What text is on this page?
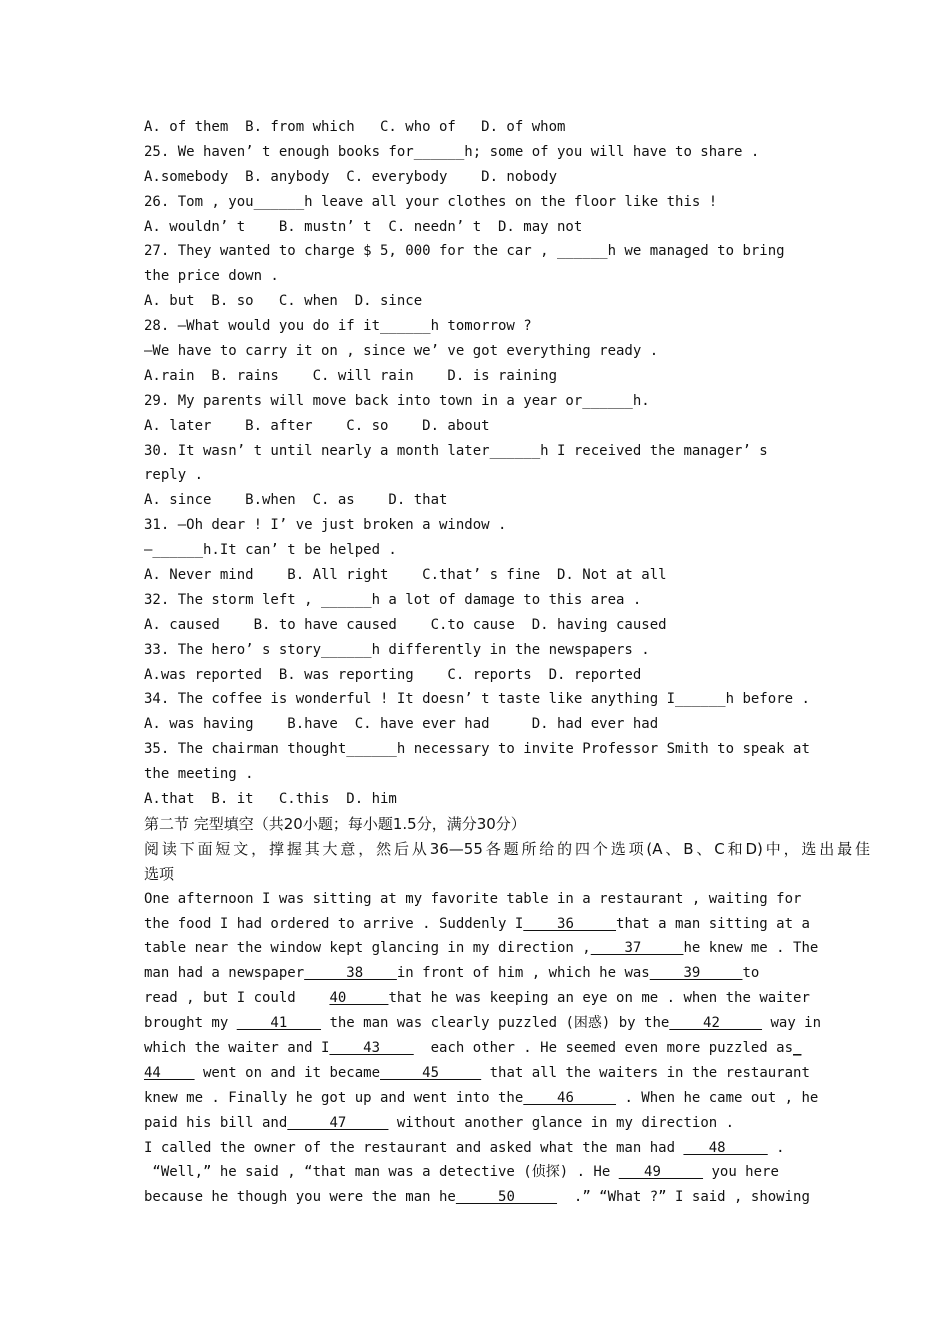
A. of them  B. from which   C. who of   D. of whom
25. We haven’ t enough books for______h; some of you will have to share .
A.somebody  B. anybody  C. everybody    D. nobody
26. Tom , you______h leave all your clothes on the floor like this !
A. wouldn’ t    B. mustn’ t  C. needn’ t  D. may not
27. They wanted to charge $ 5, 000 for the car , ______h we managed to bring
the price down .
A. but  B. so   C. when  D. since
28. —What would you do if it______h tomorrow ?
—We have to carry it on , since we’ ve got everything ready .
A.rain  B. rains    C. will rain    D. is raining
29. My parents will move back into town in a year or______h.
A. later    B. after    C. so    D. about
30. It wasn’ t until nearly a month later______h I received the manager’ s
reply .
A. since    B.when  C. as    D. that
31. —Oh dear ! I’ ve just broken a window .
—______h.It can’ t be helped .
A. Never mind    B. All right    C.that’ s fine  D. Not at all
32. The storm left , ______h a lot of damage to this area .
A. caused    B. to have caused    C.to cause  D. having caused
33. The hero’ s story______h differently in the newspapers .
A.was reported  B. was reporting    C. reports  D. reported
34. The coffee is wonderful ! It doesn’ t taste like anything I______h before .
A. was having    B.have  C. have ever had     D. had ever had
35. The chairman thought______h necessary to invite Professor Smith to speak at
the meeting .
A.that  B. it   C.this  D. him
第二节 完型填空（共20小题；每小题1.5分，满分30分）
阅读下面短文，撑握其大意，然后从36—55各题所给的四个选项(A、B、C和D)中，选出最佳
选项
One afternoon I was sitting at my favorite table in a restaurant , waiting for
the food I had ordered to arrive . Suddenly I    36     that a man sitting at a
table near the window kept glancing in my direction ,    37     he knew me . The
man had a newspaper     38    in front of him , which he was    39     to
read , but I could    40     that he was keeping an eye on me . when the waiter
brought my     41     the man was clearly puzzled (困惑) by the    42      way in
which the waiter and I    43      each other . He seemed even more puzzled as_
44     went on and it became     45      that all the waiters in the restaurant
knew me . Finally he got up and went into the    46      . When he came out , he
paid his bill and     47      without another glance in my direction .
I called the owner of the restaurant and asked what the man had    48      .
“Well,” he said , “that man was a detective (侦探) . He    49      you here
because he though you were the man he     50       .” “What ?” I said , showing
